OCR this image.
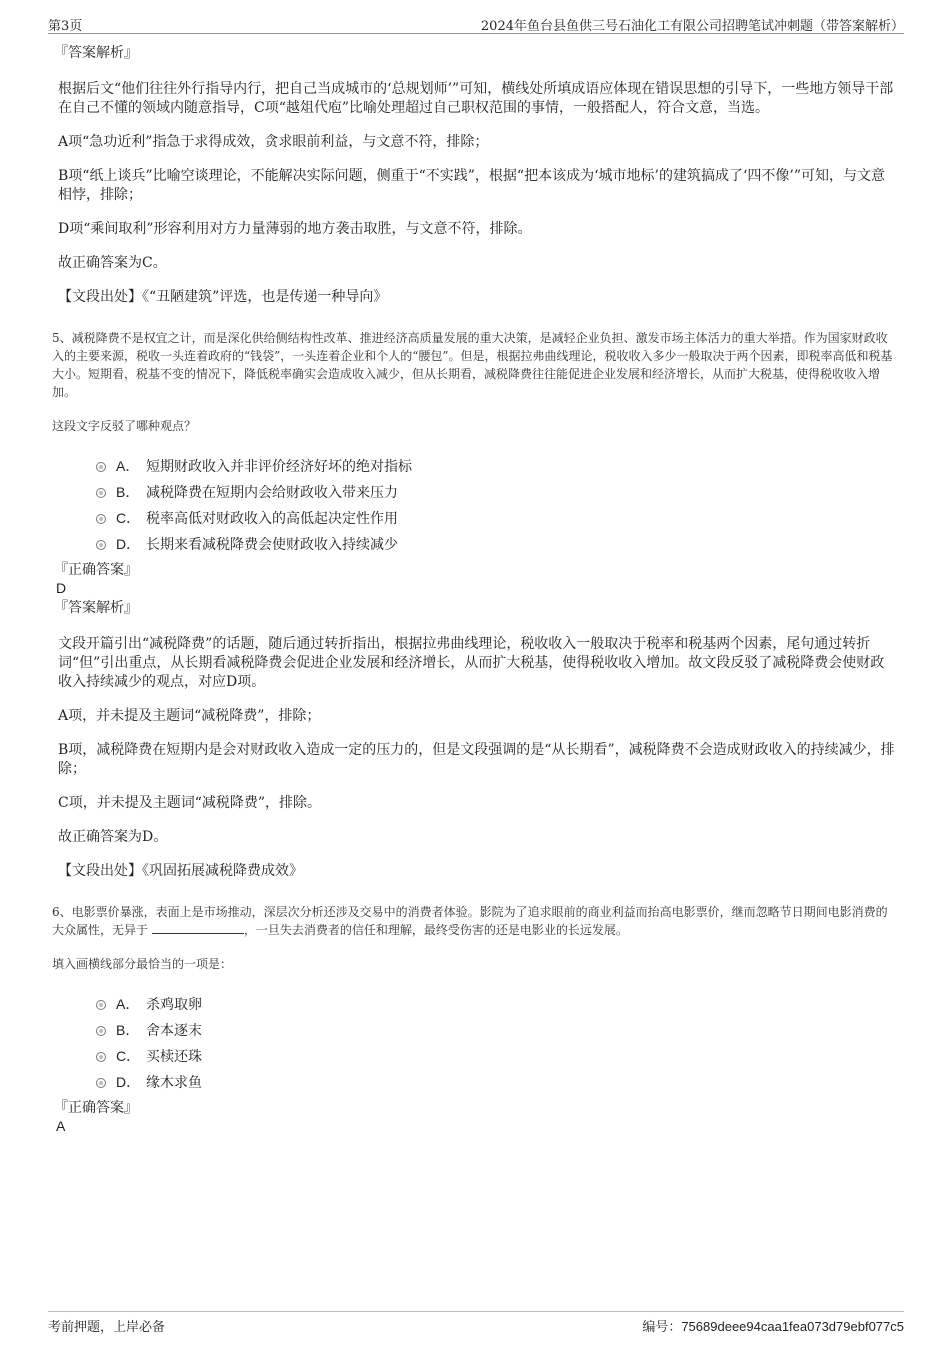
第3页	2024年鱼台县鱼供三号石油化工有限公司招聘笔试冲刺题（带答案解析）
『答案解析』

根据后文“他们往往外行指导内行，把自己当成城市的‘总规划师’”可知，横线处所填成语应体现在错误思想的引导下，一些地方领导干部在自己不懂的领域内随意指导，C项“越俎代庖”比喻处理超过自己职权范围的事情，一般搭配人，符合文意，当选。

A项“急功近利”指急于求得成效，贪求眼前利益，与文意不符，排除；

B项“纸上谈兵”比喻空谈理论，不能解决实际问题，侧重于“不实践”，根据“把本该成为‘城市地标’的建筑搞成了‘四不像’”可知，与文意相悖，排除；

D项“乘间取利”形容利用对方力量薄弱的地方袭击取胜，与文意不符，排除。

故正确答案为C。

【文段出处】《“丑陋建筑”评选，也是传递一种导向》

5、减税降费不是权宜之计，而是深化供给侧结构性改革、推进经济高质量发展的重大决策，是减轻企业负担、激发市场主体活力的重大举措。作为国家财政收入的主要来源，税收一头连着政府的“钱袋”，一头连着企业和个人的“腰包”。但是，根据拉弗曲线理论，税收收入多少一般取决于两个因素，即税率高低和税基大小。短期看，税基不变的情况下，降低税率确实会造成收入减少，但从长期看，减税降费往往能促进企业发展和经济增长，从而扩大税基，使得税收收入增加。

这段文字反驳了哪种观点？

A． 短期财政收入并非评价经济好坏的绝对指标
B． 减税降费在短期内会给财政收入带来压力
C． 税率高低对财政收入的高低起决定性作用
D． 长期来看减税降费会使财政收入持续减少
『正确答案』
D
『答案解析』

文段开篇引出“减税降费”的话题，随后通过转折指出，根据拉弗曲线理论，税收收入一般取决于税率和税基两个因素，尾句通过转折词“但”引出重点，从长期看减税降费会促进企业发展和经济增长，从而扩大税基，使得税收收入增加。故文段反驳了减税降费会使财政收入持续减少的观点，对应D项。

A项，并未提及主题词“减税降费”，排除；

B项，减税降费在短期内是会对财政收入造成一定的压力的，但是文段强调的是“从长期看”，减税降费不会造成财政收入的持续减少，排除；

C项，并未提及主题词“减税降费”，排除。

故正确答案为D。

【文段出处】《巩固拓展减税降费成效》

6、电影票价暴涨，表面上是市场推动，深层次分析还涉及交易中的消费者体验。影院为了追求眼前的商业利益而抬高电影票价，继而忽略节日期间电影消费的大众属性，无异于	，一旦失去消费者的信任和理解，最终受伤害的还是电影业的长远发展。

填入画横线部分最恰当的一项是：

A． 杀鸡取卵
B． 舍本逐末
C． 买椟还珠
D． 缘木求鱼
『正确答案』
A
考前押题，上岸必备	编号：75689deee94caa1fea073d79ebf077c5
